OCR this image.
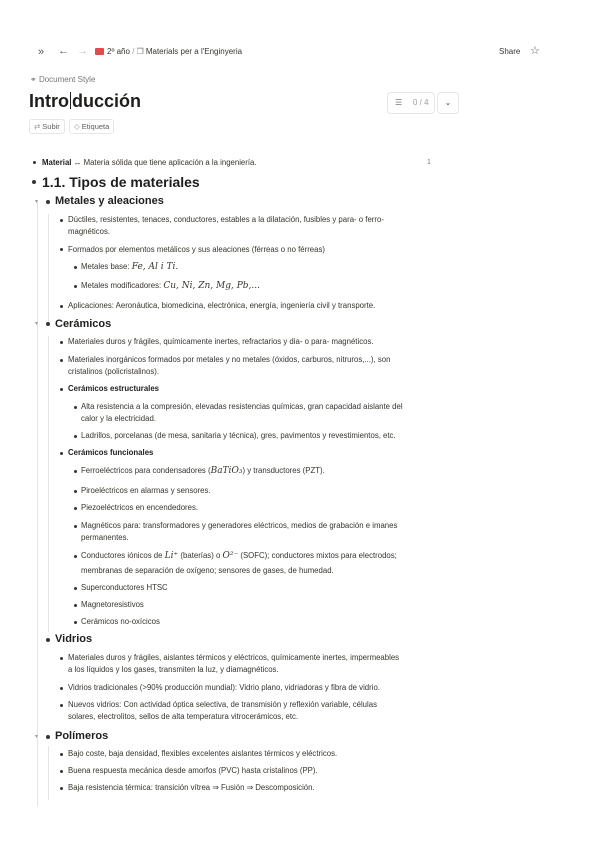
» ← →	2º año / ❐ Materials per a l'Enginyeria	Share ☆
⚭ Document Style
Intro ducción	☰ 0 / 4	⌄
⇄ Subir	◇ Etiqueta
Material ↔ Materia sólida que tiene aplicación a la ingeniería.	1
1.1. Tipos de materiales
▾ Metales y aleaciones
Dúctiles, resistentes, tenaces, conductores, estables a la dilatación, fusibles y para- o ferro-
magnéticos.
Formados por elementos metálicos y sus aleaciones (férreas o no férreas)
Metales base: Fe, Al i Ti.
Metales modificadores: Cu, Ni, Zn, Mg, Pb,...
Aplicaciones: Aeronáutica, biomedicina, electrónica, energía, ingeniería civil y transporte.
▾ Cerámicos
Materiales duros y frágiles, químicamente inertes, refractarios y dia- o para- magnéticos.
Materiales inorgánicos formados por metales y no metales (óxidos, carburos, nitruros,...), son
cristalinos (policristalinos).
Cerámicos estructurales
Alta resistencia a la compresión, elevadas resistencias químicas, gran capacidad aislante del
calor y la electricidad.
Ladrillos, porcelanas (de mesa, sanitaria y técnica), gres, pavimentos y revestimientos, etc.
Cerámicos funcionales
Ferroeléctricos para condensadores (BaTiO₃) y transductores (PZT).
Piroeléctricos en alarmas y sensores.
Piezoeléctricos en encendedores.
Magnéticos para: transformadores y generadores eléctricos, medios de grabación e imanes
permanentes.
Conductores iónicos de Li⁺ (baterías) o O²⁻ (SOFC); conductores mixtos para electrodos;
membranas de separación de oxígeno; sensores de gases, de humedad.
Superconductores HTSC
Magnetoresistivos
Cerámicos no-oxícicos
Vidrios
Materiales duros y frágiles, aislantes térmicos y eléctricos, químicamente inertes, impermeables
a los líquidos y los gases, transmiten la luz, y diamagnéticos.
Vidrios tradicionales (>90% producción mundial): Vidrio plano, vidriadoras y fibra de vidrio.
Nuevos vidrios: Con actividad óptica selectiva, de transmisión y reflexión variable, células
solares, electrolitos, sellos de alta temperatura vitrocerámicos, etc.
▾ Polímeros
Bajo coste, baja densidad, flexibles excelentes aislantes térmicos y eléctricos.
Buena respuesta mecánica desde amorfos (PVC) hasta cristalinos (PP).
Baja resistencia térmica: transición vítrea ⇒ Fusión ⇒ Descomposición.
